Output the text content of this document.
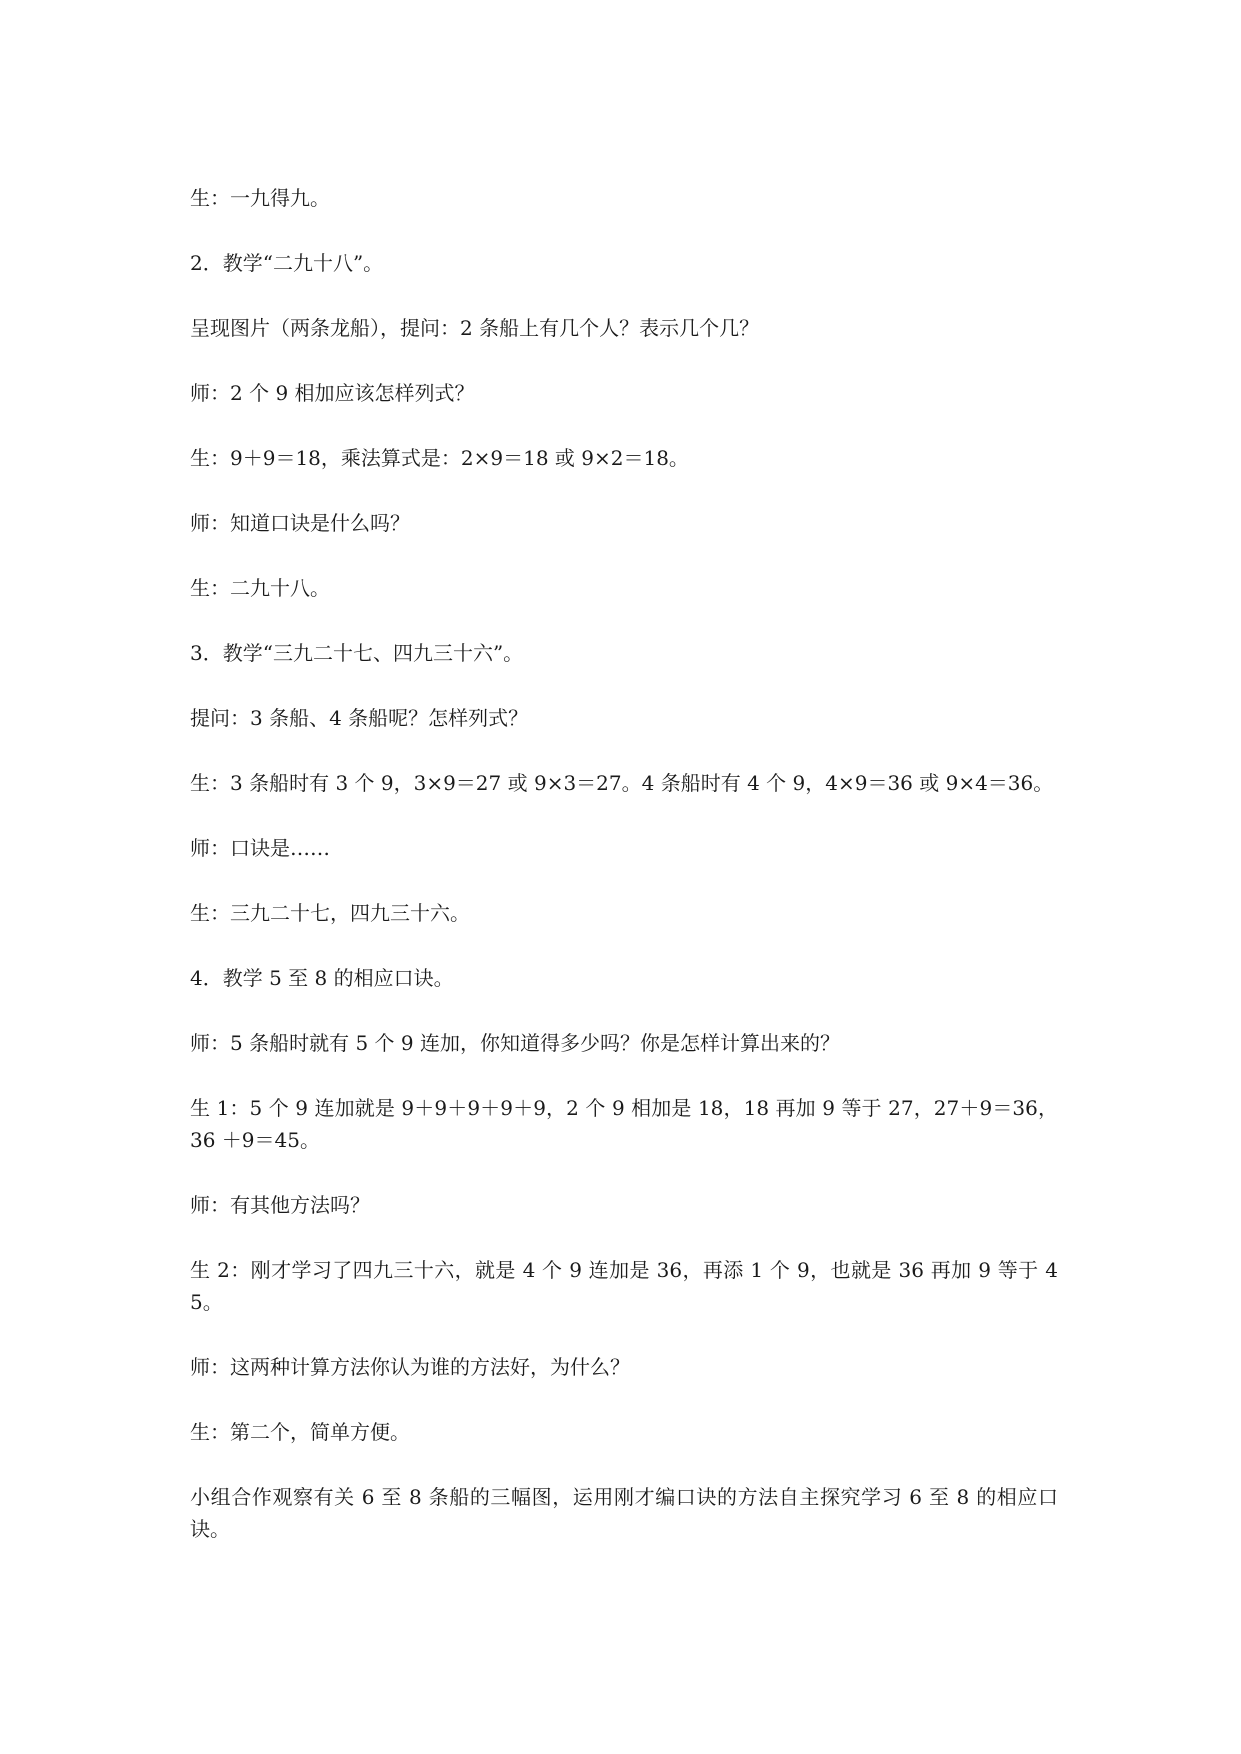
生：一九得九。

2．教学“二九十八”。

呈现图片（两条龙船），提问：2 条船上有几个人？表示几个几？

师：2 个 9 相加应该怎样列式？

生：9＋9＝18，乘法算式是：2×9＝18 或 9×2＝18。

师：知道口诀是什么吗？

生：二九十八。

3．教学“三九二十七、四九三十六”。

提问：3 条船、4 条船呢？怎样列式？

生：3 条船时有 3 个 9，3×9＝27 或 9×3＝27。4 条船时有 4 个 9，4×9＝36 或 9×4＝36。

师：口诀是……

生：三九二十七，四九三十六。

4．教学 5 至 8 的相应口诀。

师：5 条船时就有 5 个 9 连加，你知道得多少吗？你是怎样计算出来的？

生 1：5 个 9 连加就是 9＋9＋9＋9＋9，2 个 9 相加是 18，18 再加 9 等于 27，27＋9＝36，36 ＋9＝45。

师：有其他方法吗？

生 2：刚才学习了四九三十六，就是 4 个 9 连加是 36，再添 1 个 9，也就是 36 再加 9 等于 45。

师：这两种计算方法你认为谁的方法好，为什么？

生：第二个，简单方便。

小组合作观察有关 6 至 8 条船的三幅图，运用刚才编口诀的方法自主探究学习 6 至 8 的相应口诀。
